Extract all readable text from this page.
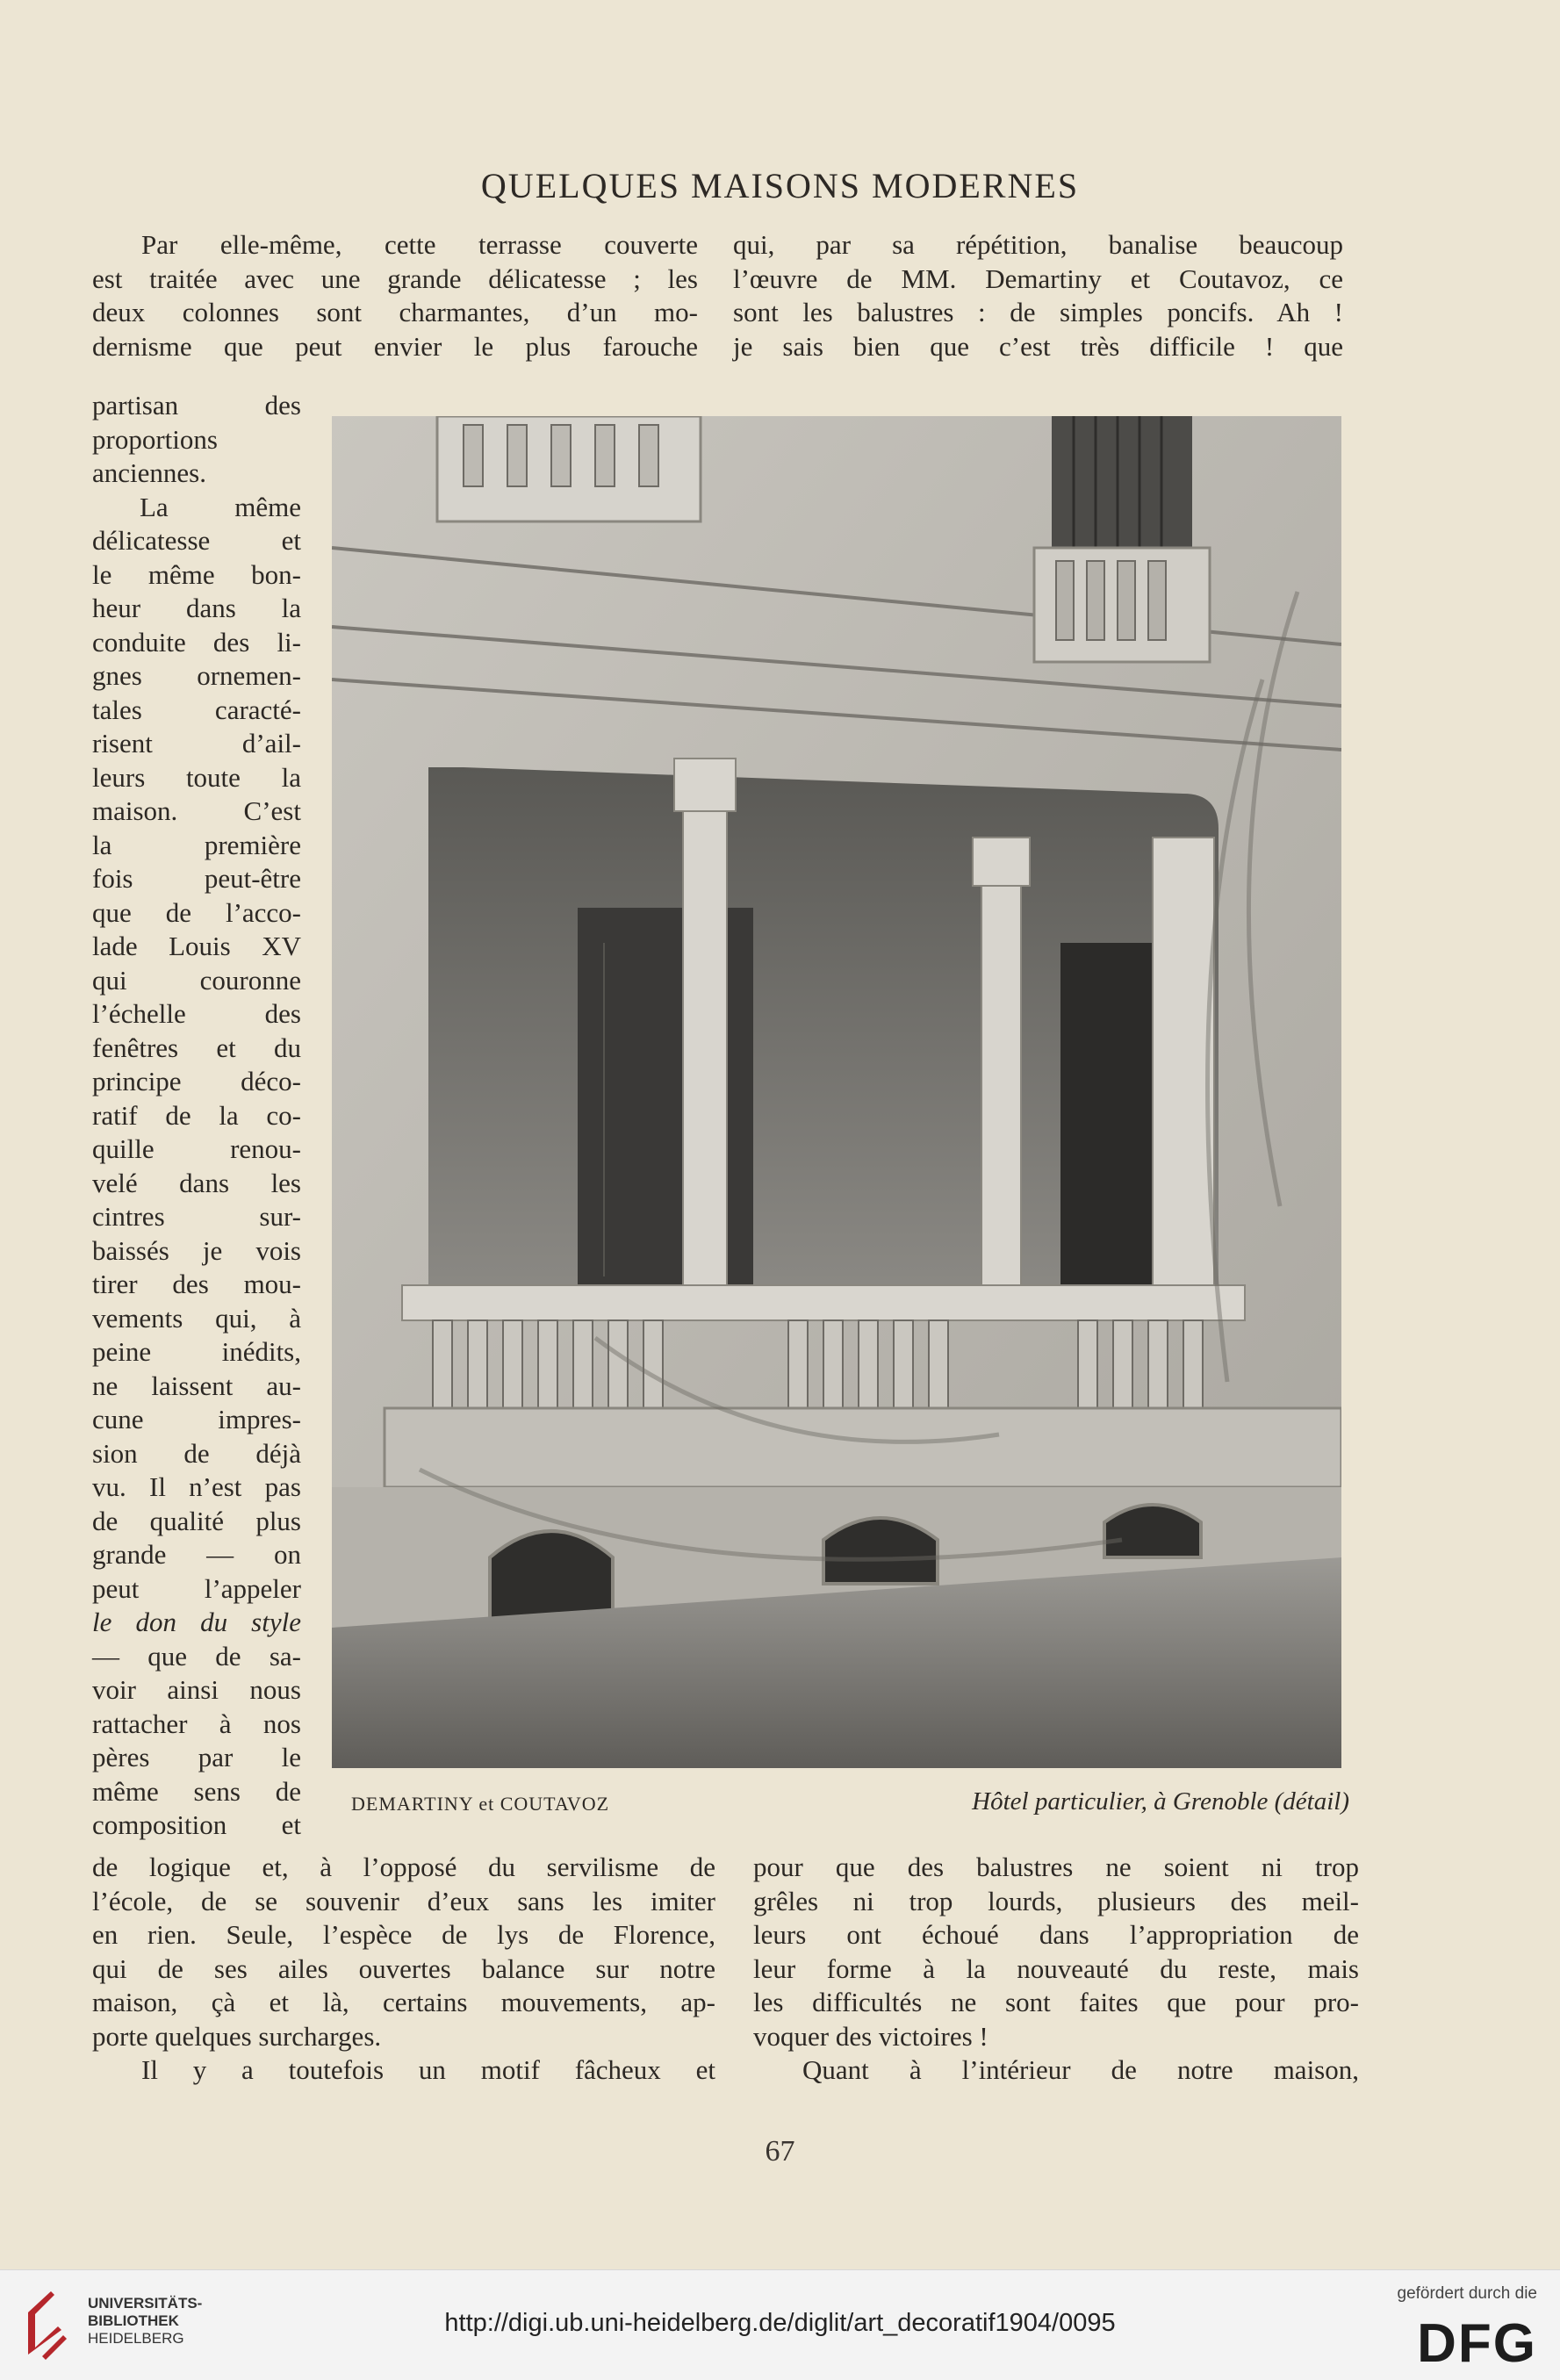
QUELQUES MAISONS MODERNES
Par elle-même, cette terrasse couverte
est traitée avec une grande délicatesse ; les
deux colonnes sont charmantes, d’un mo-
dernisme que peut envier le plus farouche
qui, par sa répétition, banalise beaucoup
l’œuvre de MM. Demartiny et Coutavoz, ce
sont les balustres : de simples poncifs. Ah !
je sais bien que c’est très difficile ! que
partisan des
proportions
anciennes.
La même
délicatesse et
le même bon-
heur dans la
conduite des li-
gnes ornemen-
tales caracté-
risent d’ail-
leurs toute la
maison. C’est
la première
fois peut-être
que de l’acco-
lade Louis XV
qui couronne
l’échelle des
fenêtres et du
principe déco-
ratif de la co-
quille renou-
velé dans les
cintres sur-
baissés je vois
tirer des mou-
vements qui, à
peine inédits,
ne laissent au-
cune impres-
sion de déjà
vu. Il n’est pas
de qualité plus
grande — on
peut l’appeler
le don du style
— que de sa-
voir ainsi nous
rattacher à nos
pères par le
même sens de
composition et
DEMARTINY et COUTAVOZ	Hôtel particulier, à Grenoble (détail)
de logique et, à l’opposé du servilisme de
l’école, de se souvenir d’eux sans les imiter
en rien. Seule, l’espèce de lys de Florence,
qui de ses ailes ouvertes balance sur notre
maison, çà et là, certains mouvements, ap-
porte quelques surcharges.
Il y a toutefois un motif fâcheux et
pour que des balustres ne soient ni trop
grêles ni trop lourds, plusieurs des meil-
leurs ont échoué dans l’appropriation de
leur forme à la nouveauté du reste, mais
les difficultés ne sont faites que pour pro-
voquer des victoires !
Quant à l’intérieur de notre maison,
67
UNIVERSITÄTS-
BIBLIOTHEK
HEIDELBERG
http://digi.ub.uni-heidelberg.de/diglit/art_decoratif1904/0095
gefördert durch die
DFG
